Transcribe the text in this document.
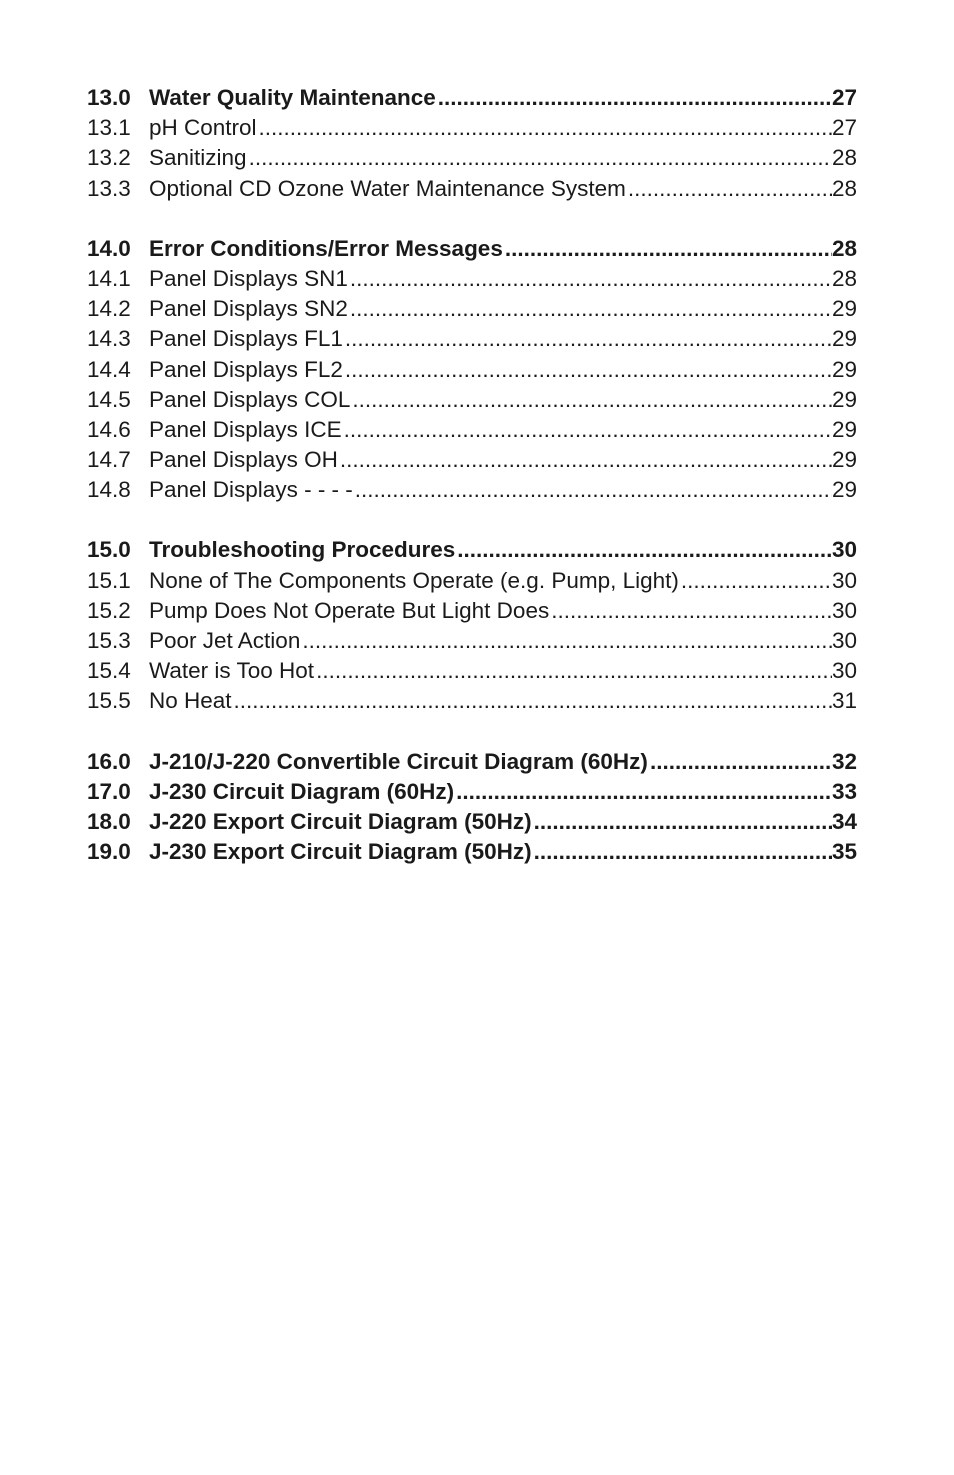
13.0 Water Quality Maintenance .....	27
13.1 pH Control .....	27
13.2 Sanitizing .....	28
13.3 Optional CD Ozone Water Maintenance System .....	28
14.0 Error Conditions/Error Messages .....	28
14.1 Panel Displays SN1 .....	28
14.2 Panel Displays SN2 .....	29
14.3 Panel Displays FL1 .....	29
14.4 Panel Displays FL2 .....	29
14.5 Panel Displays COL .....	29
14.6 Panel Displays ICE .....	29
14.7 Panel Displays OH .....	29
14.8 Panel Displays - - - - .....	29
15.0 Troubleshooting Procedures .....	30
15.1 None of The Components Operate (e.g. Pump, Light) .....	30
15.2 Pump Does Not Operate But Light Does .....	30
15.3 Poor Jet Action .....	30
15.4 Water is Too Hot .....	30
15.5 No Heat .....	31
16.0 J-210/J-220 Convertible Circuit Diagram (60Hz) .....	32
17.0 J-230 Circuit Diagram (60Hz) .....	33
18.0 J-220 Export Circuit Diagram (50Hz) .....	34
19.0 J-230 Export Circuit Diagram (50Hz) .....	35
